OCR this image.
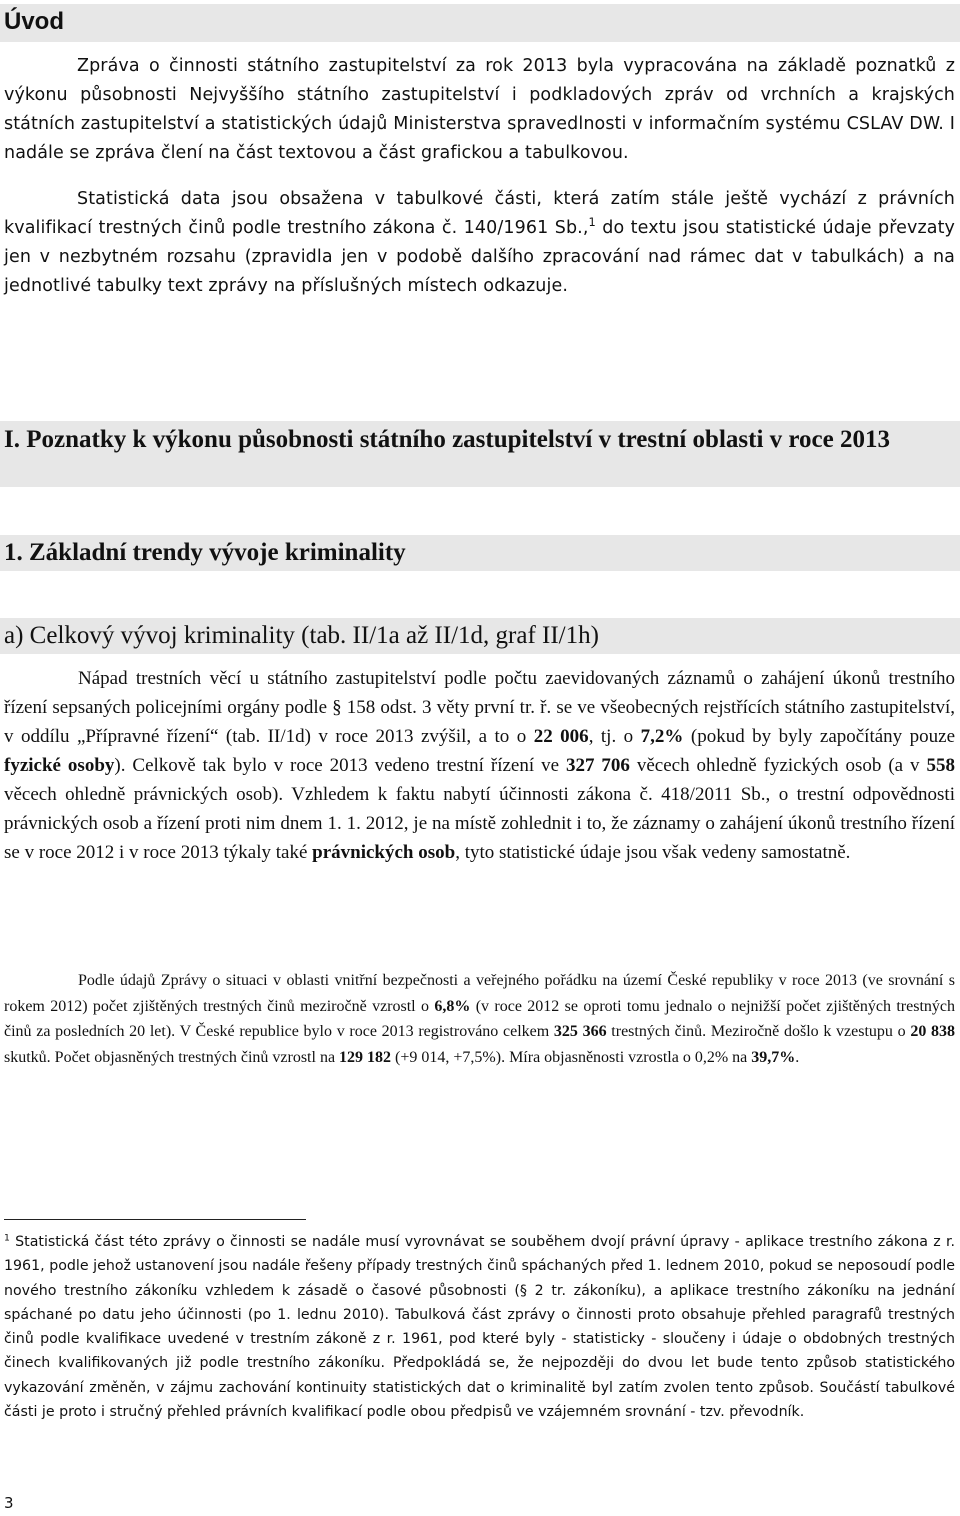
Úvod

Zpráva o činnosti státního zastupitelství za rok 2013 byla vypracována na základě poznatků z výkonu působnosti Nejvyššího státního zastupitelství i podkladových zpráv od vrchních a krajských státních zastupitelství a statistických údajů Ministerstva spravedlnosti v informačním systému CSLAV DW. I nadále se zpráva člení na část textovou a část grafickou a tabulkovou.

Statistická data jsou obsažena v tabulkové části, která zatím stále ještě vychází z právních kvalifikací trestných činů podle trestního zákona č. 140/1961 Sb.,$^1$ do textu jsou statistické údaje převzaty jen v nezbytném rozsahu (zpravidla jen v podobě dalšího zpracování nad rámec dat v tabulkách) a na jednotlivé tabulky text zprávy na příslušných místech odkazuje.

I. Poznatky k výkonu působnosti státního zastupitelství v trestní oblasti v roce 2013
1. Základní trendy vývoje kriminality
a) Celkový vývoj kriminality (tab. II/1a až II/1d, graf II/1h)

Nápad trestních věcí u státního zastupitelství podle počtu zaevidovaných záznamů o zahájení úkonů trestního řízení sepsaných policejními orgány podle § 158 odst. 3 věty první tr. ř. se ve všeobecných rejstřících státního zastupitelství, v oddílu „Přípravné řízení“ (tab. II/1d) v roce 2013 zvýšil, a to o 22 006, tj. o 7,2% (pokud by byly započítány pouze fyzické osoby). Celkově tak bylo v roce 2013 vedeno trestní řízení ve 327 706 věcech ohledně fyzických osob (a v 558 věcech ohledně právnických osob). Vzhledem k faktu nabytí účinnosti zákona č. 418/2011 Sb., o trestní odpovědnosti právnických osob a řízení proti nim dnem 1. 1. 2012, je na místě zohlednit i to, že záznamy o zahájení úkonů trestního řízení se v roce 2012 i v roce 2013 týkaly také právnických osob, tyto statistické údaje jsou však vedeny samostatně.

Podle údajů Zprávy o situaci v oblasti vnitřní bezpečnosti a veřejného pořádku na území České republiky v roce 2013 (ve srovnání s rokem 2012) počet zjištěných trestných činů meziročně vzrostl o 6,8% (v roce 2012 se oproti tomu jednalo o nejnižší počet zjištěných trestných činů za posledních 20 let). V České republice bylo v roce 2013 registrováno celkem 325 366 trestných činů. Meziročně došlo k vzestupu o 20 838 skutků. Počet objasněných trestných činů vzrostl na 129 182 (+9 014, +7,5%). Míra objasněnosti vzrostla o 0,2% na 39,7%.

$^1$ Statistická část této zprávy o činnosti se nadále musí vyrovnávat se souběhem dvojí právní úpravy - aplikace trestního zákona z r. 1961, podle jehož ustanovení jsou nadále řešeny případy trestných činů spáchaných před 1. lednem 2010, pokud se neposoudí podle nového trestního zákoníku vzhledem k zásadě o časové působnosti (§ 2 tr. zákoníku), a aplikace trestního zákoníku na jednání spáchané po datu jeho účinnosti (po 1. lednu 2010). Tabulková část zprávy o činnosti proto obsahuje přehled paragrafů trestných činů podle kvalifikace uvedené v trestním zákoně z r. 1961, pod které byly - statisticky - sloučeny i údaje o obdobných trestných činech kvalifikovaných již podle trestního zákoníku. Předpokládá se, že nejpozději do dvou let bude tento způsob statistického vykazování změněn, v zájmu zachování kontinuity statistických dat o kriminalitě byl zatím zvolen tento způsob. Součástí tabulkové části je proto i stručný přehled právních kvalifikací podle obou předpisů ve vzájemném srovnání - tzv. převodník.

3
